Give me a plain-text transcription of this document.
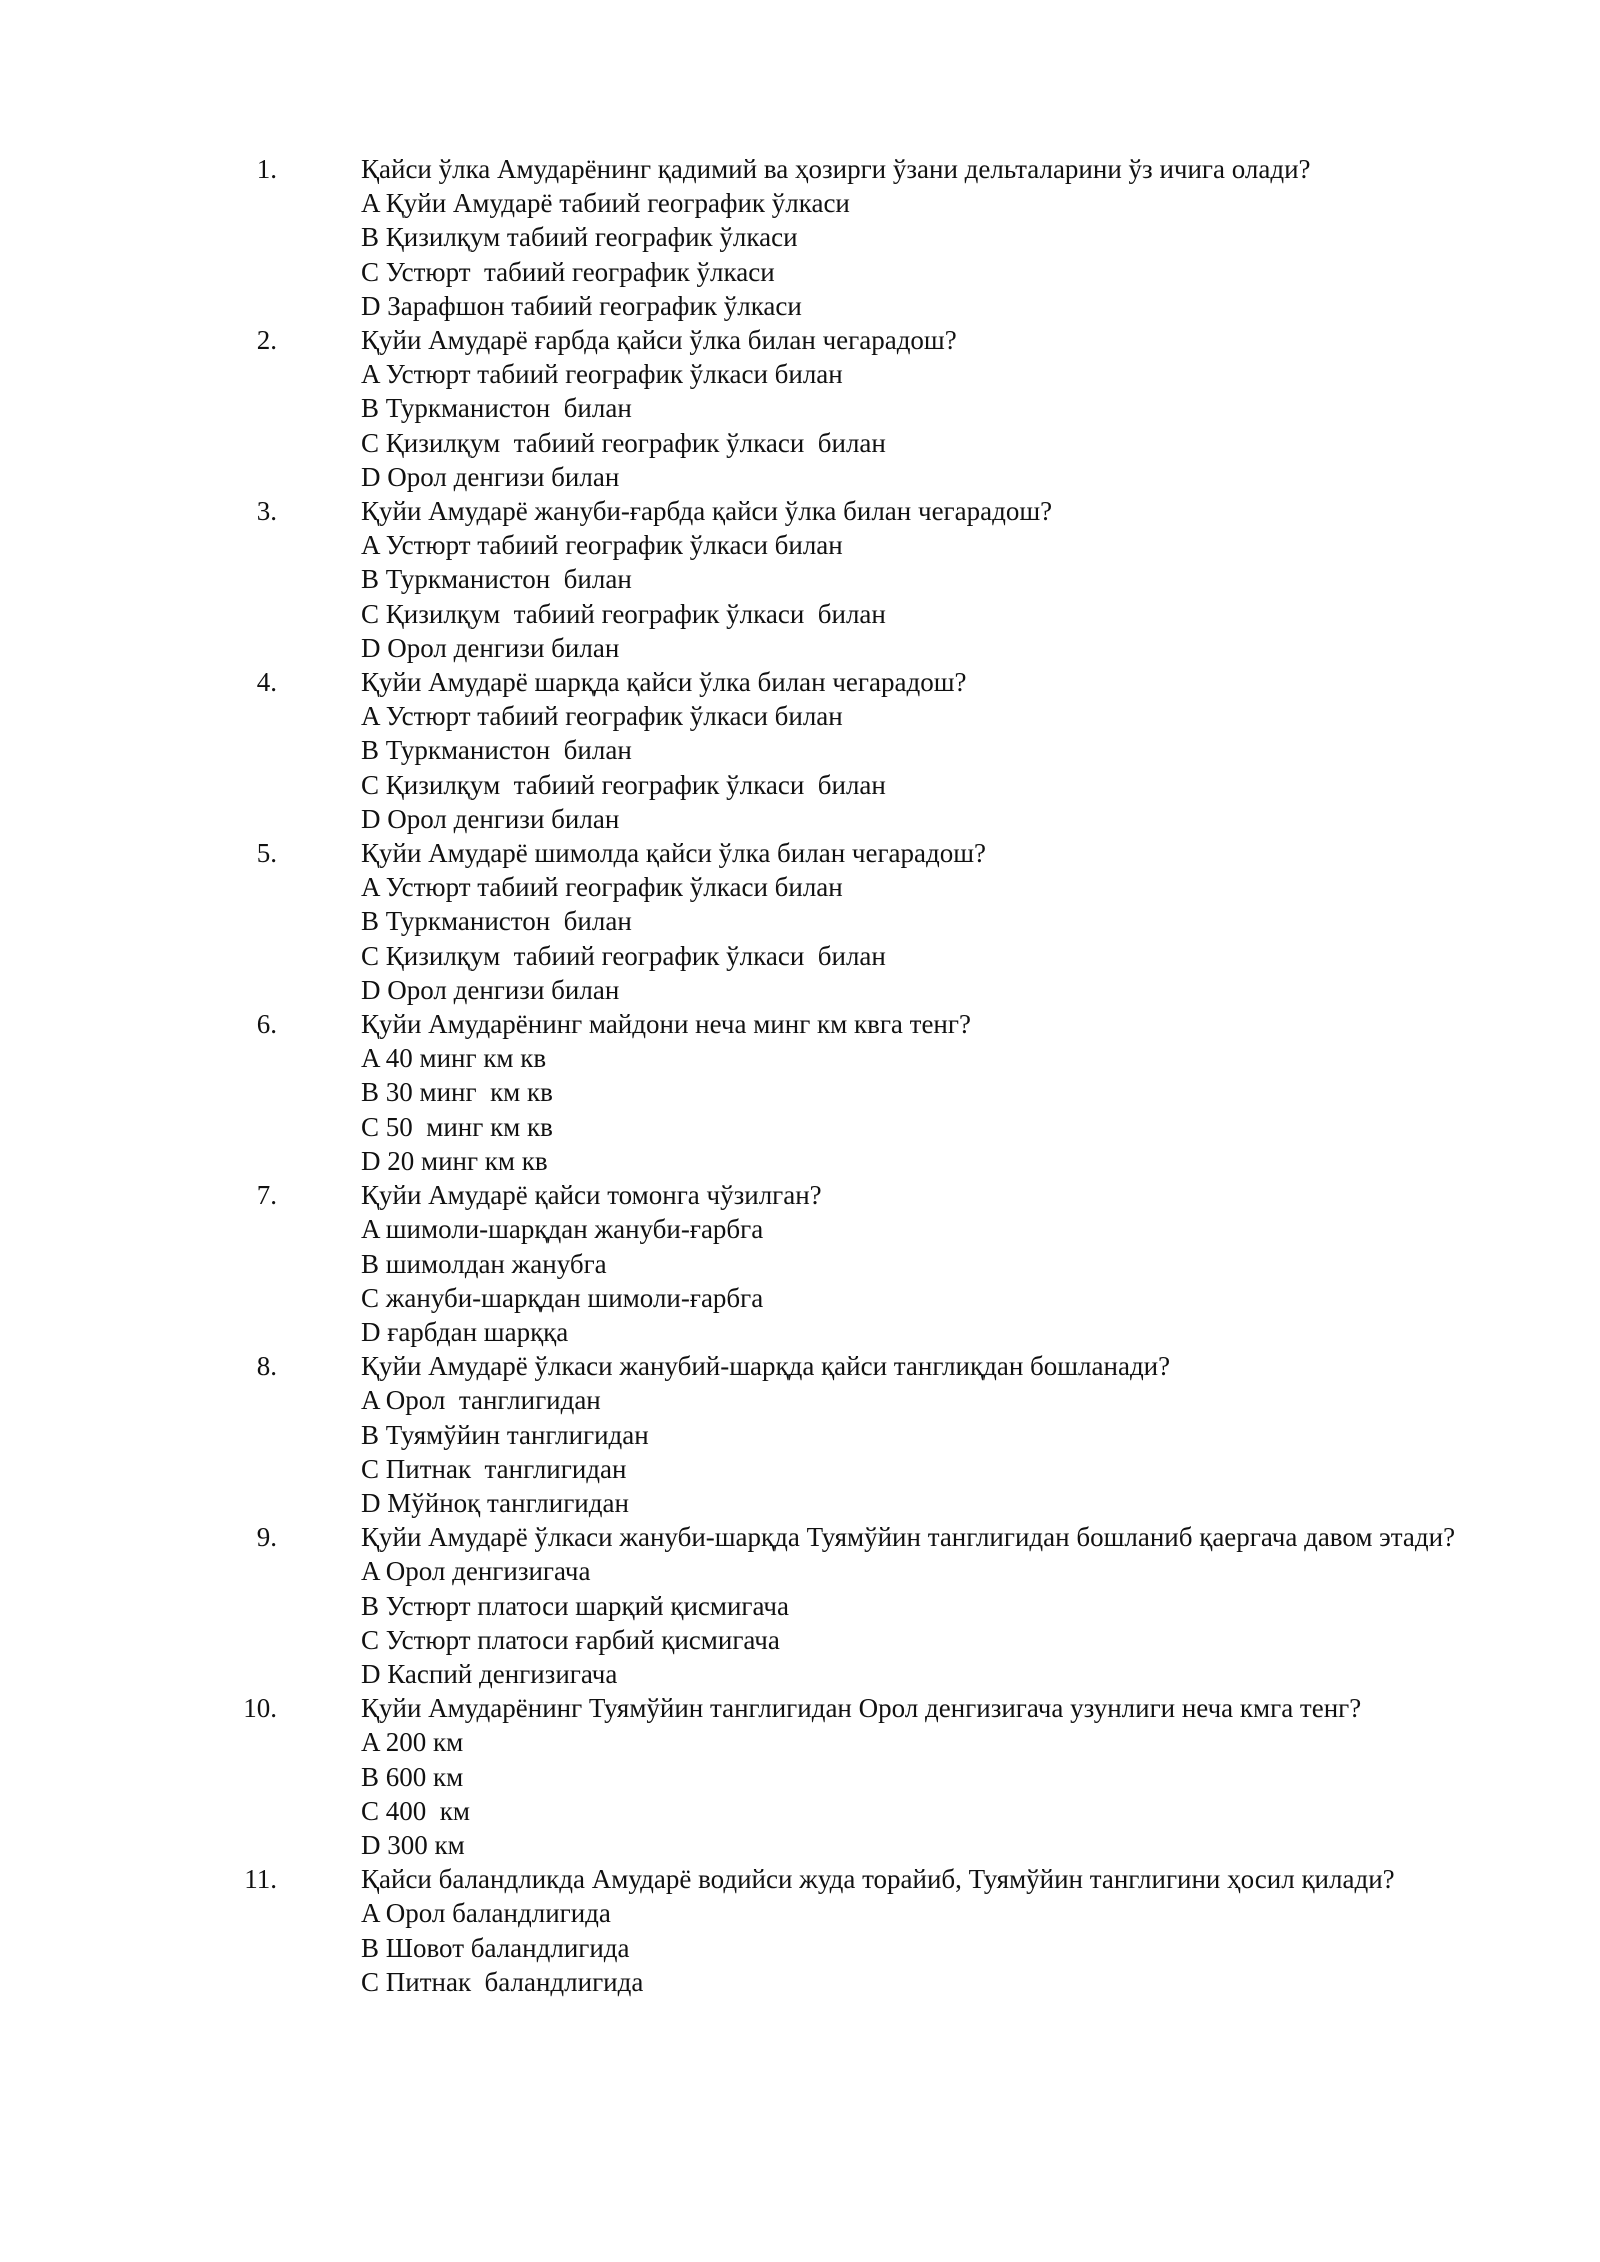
1.	Қайси ўлка Амударёнинг қадимий ва ҳозирги ўзани дельталарини ўз ичига олади?
A Қуйи Амударё табиий географик ўлкаси
B Қизилқум табиий географик ўлкаси
C Устюрт  табиий географик ўлкаси
D Зарафшон табиий географик ўлкаси
2.	Қуйи Амударё ғарбда қайси ўлка билан чегарадош?
A Устюрт табиий географик ўлкаси билан
B Туркманистон  билан
C Қизилқум  табиий географик ўлкаси  билан
D Орол денгизи билан
3.	Қуйи Амударё жануби-ғарбда қайси ўлка билан чегарадош?
A Устюрт табиий географик ўлкаси билан
B Туркманистон  билан
C Қизилқум  табиий географик ўлкаси  билан
D Орол денгизи билан
4.	Қуйи Амударё шарқда қайси ўлка билан чегарадош?
A Устюрт табиий географик ўлкаси билан
B Туркманистон  билан
C Қизилқум  табиий географик ўлкаси  билан
D Орол денгизи билан
5.	Қуйи Амударё шимолда қайси ўлка билан чегарадош?
A Устюрт табиий географик ўлкаси билан
B Туркманистон  билан
C Қизилқум  табиий географик ўлкаси  билан
D Орол денгизи билан
6.	Қуйи Амударёнинг майдони неча минг км квга тенг?
A 40 минг км кв
B 30 минг  км кв
C 50  минг км кв
D 20 минг км кв
7.	Қуйи Амударё қайси томонга чўзилган?
A шимоли-шарқдан жануби-ғарбга
B шимолдан жанубга
C жануби-шарқдан шимоли-ғарбга
D ғарбдан шарққа
8.	Қуйи Амударё ўлкаси жанубий-шарқда қайси танглиқдан бошланади?
A Орол  танглигидан
B Туямўйин танглигидан
C Питнак  танглигидан
D Мўйноқ танглигидан
9.	Қуйи Амударё ўлкаси жануби-шарқда Туямўйин танглигидан бошланиб қаергача давом этади?
A Орол денгизигача
B Устюрт платоси шарқий қисмигача
C Устюрт платоси ғарбий қисмигача
D Каспий денгизигача
10.	Қуйи Амударёнинг Туямўйин танглигидан Орол денгизигача узунлиги неча кмга тенг?
A 200 км
B 600 км
C 400  км
D 300 км
11.	Қайси баландликда Амударё водийси жуда торайиб, Туямўйин танглигини ҳосил қилади?
A Орол баландлигида
B Шовот баландлигида
C Питнак  баландлигида
